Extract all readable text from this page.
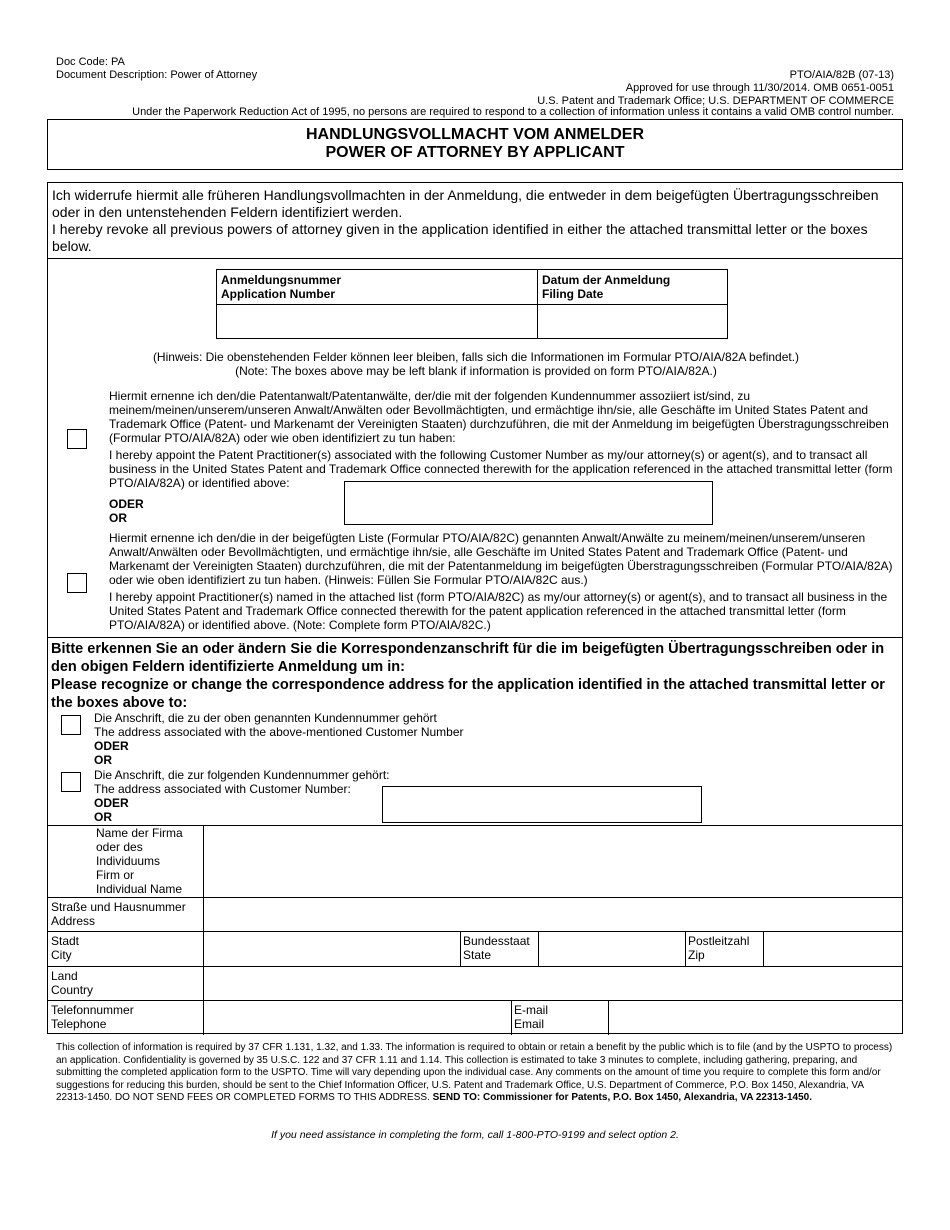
Doc Code: PA
Document Description: Power of Attorney	PTO/AIA/82B (07-13)
Approved for use through 11/30/2014. OMB 0651-0051
U.S. Patent and Trademark Office; U.S. DEPARTMENT OF COMMERCE
Under the Paperwork Reduction Act of 1995, no persons are required to respond to a collection of information unless it contains a valid OMB control number.
HANDLUNGSVOLLMACHT VOM ANMELDER
POWER OF ATTORNEY BY APPLICANT
Ich widerrufe hiermit alle früheren Handlungsvollmachten in der Anmeldung, die entweder in dem beigefügten Übertragungsschreiben oder in den untenstehenden Feldern identifiziert werden.
I hereby revoke all previous powers of attorney given in the application identified in either the attached transmittal letter or the boxes below.
Anmeldungsnummer
Application Number
Datum der Anmeldung
Filing Date
(Hinweis: Die obenstehenden Felder können leer bleiben, falls sich die Informationen im Formular PTO/AIA/82A befindet.)
(Note: The boxes above may be left blank if information is provided on form PTO/AIA/82A.)
Hiermit ernenne ich den/die Patentanwalt/Patentanwälte, der/die mit der folgenden Kundennummer assoziiert ist/sind, zu meinem/meinen/unserem/unseren Anwalt/Anwälten oder Bevollmächtigten, und ermächtige ihn/sie, alle Geschäfte im United States Patent and Trademark Office (Patent- und Markenamt der Vereinigten Staaten) durchzuführen, die mit der Anmeldung im beigefügten Überstragungsschreiben (Formular PTO/AIA/82A) oder wie oben identifiziert zu tun haben:
I hereby appoint the Patent Practitioner(s) associated with the following Customer Number as my/our attorney(s) or agent(s), and to transact all business in the United States Patent and Trademark Office connected therewith for the application referenced in the attached transmittal letter (form PTO/AIA/82A) or identified above:
ODER
OR
Hiermit ernenne ich den/die in der beigefügten Liste (Formular PTO/AIA/82C) genannten Anwalt/Anwälte zu meinem/meinen/unserem/unseren Anwalt/Anwälten oder Bevollmächtigten, und ermächtige ihn/sie, alle Geschäfte im United States Patent and Trademark Office (Patent- und Markenamt der Vereinigten Staaten) durchzuführen, die mit der Patentanmeldung im beigefügten Überstragungsschreiben (Formular PTO/AIA/82A) oder wie oben identifiziert zu tun haben. (Hinweis: Füllen Sie Formular PTO/AIA/82C aus.)
I hereby appoint Practitioner(s) named in the attached list (form PTO/AIA/82C) as my/our attorney(s) or agent(s), and to transact all business in the United States Patent and Trademark Office connected therewith for the patent application referenced in the attached transmittal letter (form PTO/AIA/82A) or identified above. (Note: Complete form PTO/AIA/82C.)
Bitte erkennen Sie an oder ändern Sie die Korrespondenzanschrift für die im beigefügten Übertragungsschreiben oder in den obigen Feldern identifizierte Anmeldung um in:
Please recognize or change the correspondence address for the application identified in the attached transmittal letter or the boxes above to:
Die Anschrift, die zu der oben genannten Kundennummer gehört
The address associated with the above-mentioned Customer Number
ODER
OR
Die Anschrift, die zur folgenden Kundennummer gehört:
The address associated with Customer Number:
ODER
OR
Name der Firma
oder des
Individuums
Firm or
Individual Name
Straße und Hausnummer
Address
Stadt
City
Bundesstaat
State
Postleitzahl
Zip
Land
Country
Telefonnummer
Telephone
E-mail
Email
This collection of information is required by 37 CFR 1.131, 1.32, and 1.33. The information is required to obtain or retain a benefit by the public which is to file (and by the USPTO to process) an application. Confidentiality is governed by 35 U.S.C. 122 and 37 CFR 1.11 and 1.14. This collection is estimated to take 3 minutes to complete, including gathering, preparing, and submitting the completed application form to the USPTO. Time will vary depending upon the individual case. Any comments on the amount of time you require to complete this form and/or suggestions for reducing this burden, should be sent to the Chief Information Officer, U.S. Patent and Trademark Office, U.S. Department of Commerce, P.O. Box 1450, Alexandria, VA 22313-1450. DO NOT SEND FEES OR COMPLETED FORMS TO THIS ADDRESS. SEND TO: Commissioner for Patents, P.O. Box 1450, Alexandria, VA 22313-1450.
If you need assistance in completing the form, call 1-800-PTO-9199 and select option 2.
